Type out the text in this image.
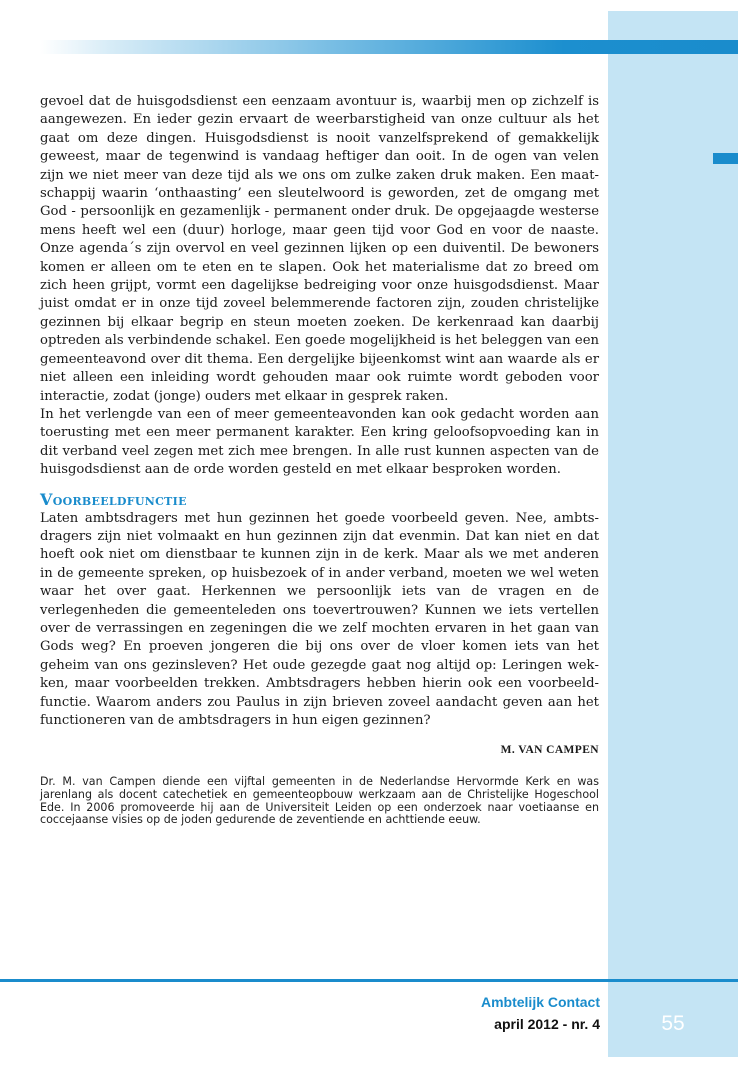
gevoel dat de huisgodsdienst een eenzaam avontuur is, waarbij men op zichzelf is aangewezen. En ieder gezin ervaart de weerbarstigheid van onze cultuur als het gaat om deze dingen. Huisgodsdienst is nooit vanzelfsprekend of gemakkelijk geweest, maar de tegenwind is vandaag heftiger dan ooit. In de ogen van velen zijn we niet meer van deze tijd als we ons om zulke zaken druk maken. Een maatschappij waarin ‘onthaasting’ een sleutelwoord is geworden, zet de omgang met God - persoonlijk en gezamenlijk - permanent onder druk. De opgejaagde westerse mens heeft wel een (duur) horloge, maar geen tijd voor God en voor de naaste. Onze agenda´s zijn overvol en veel gezinnen lijken op een duiventil. De bewoners komen er alleen om te eten en te slapen. Ook het materialisme dat zo breed om zich heen grijpt, vormt een dagelijkse bedreiging voor onze huisgodsdienst. Maar juist omdat er in onze tijd zoveel belemmerende factoren zijn, zouden christelijke gezinnen bij elkaar begrip en steun moeten zoeken. De kerkenraad kan daarbij optreden als verbindende schakel. Een goede mogelijkheid is het beleggen van een gemeenteavond over dit thema. Een dergelijke bijeenkomst wint aan waarde als er niet alleen een inleiding wordt gehouden maar ook ruimte wordt geboden voor interactie, zodat (jonge) ouders met elkaar in gesprek raken.

In het verlengde van een of meer gemeenteavonden kan ook gedacht worden aan toerusting met een meer permanent karakter. Een kring geloofsopvoeding kan in dit verband veel zegen met zich mee brengen. In alle rust kunnen aspecten van de huisgodsdienst aan de orde worden gesteld en met elkaar besproken worden.

Voorbeeldfunctie

Laten ambtsdragers met hun gezinnen het goede voorbeeld geven. Nee, ambtsdragers zijn niet volmaakt en hun gezinnen zijn dat evenmin. Dat kan niet en dat hoeft ook niet om dienstbaar te kunnen zijn in de kerk. Maar als we met anderen in de gemeente spreken, op huisbezoek of in ander verband, moeten we wel weten waar het over gaat. Herkennen we persoonlijk iets van de vragen en de verlegenheden die gemeenteleden ons toevertrouwen? Kunnen we iets vertellen over de verrassingen en zegeningen die we zelf mochten ervaren in het gaan van Gods weg? En proeven jongeren die bij ons over de vloer komen iets van het geheim van ons gezinsleven? Het oude gezegde gaat nog altijd op: Leringen wekken, maar voorbeelden trekken. Ambtsdragers hebben hierin ook een voorbeeldfunctie. Waarom anders zou Paulus in zijn brieven zoveel aandacht geven aan het functioneren van de ambtsdragers in hun eigen gezinnen?

M. VAN CAMPEN

Dr. M. van Campen diende een vijftal gemeenten in de Nederlandse Hervormde Kerk en was jarenlang als docent catechetiek en gemeenteopbouw werkzaam aan de Christelijke Hogeschool Ede. In 2006 promoveerde hij aan de Universiteit Leiden op een onderzoek naar voetiaanse en coccejaanse visies op de joden gedurende de zeventiende en achttiende eeuw.

Ambtelijk Contact
april 2012 - nr. 4	55
